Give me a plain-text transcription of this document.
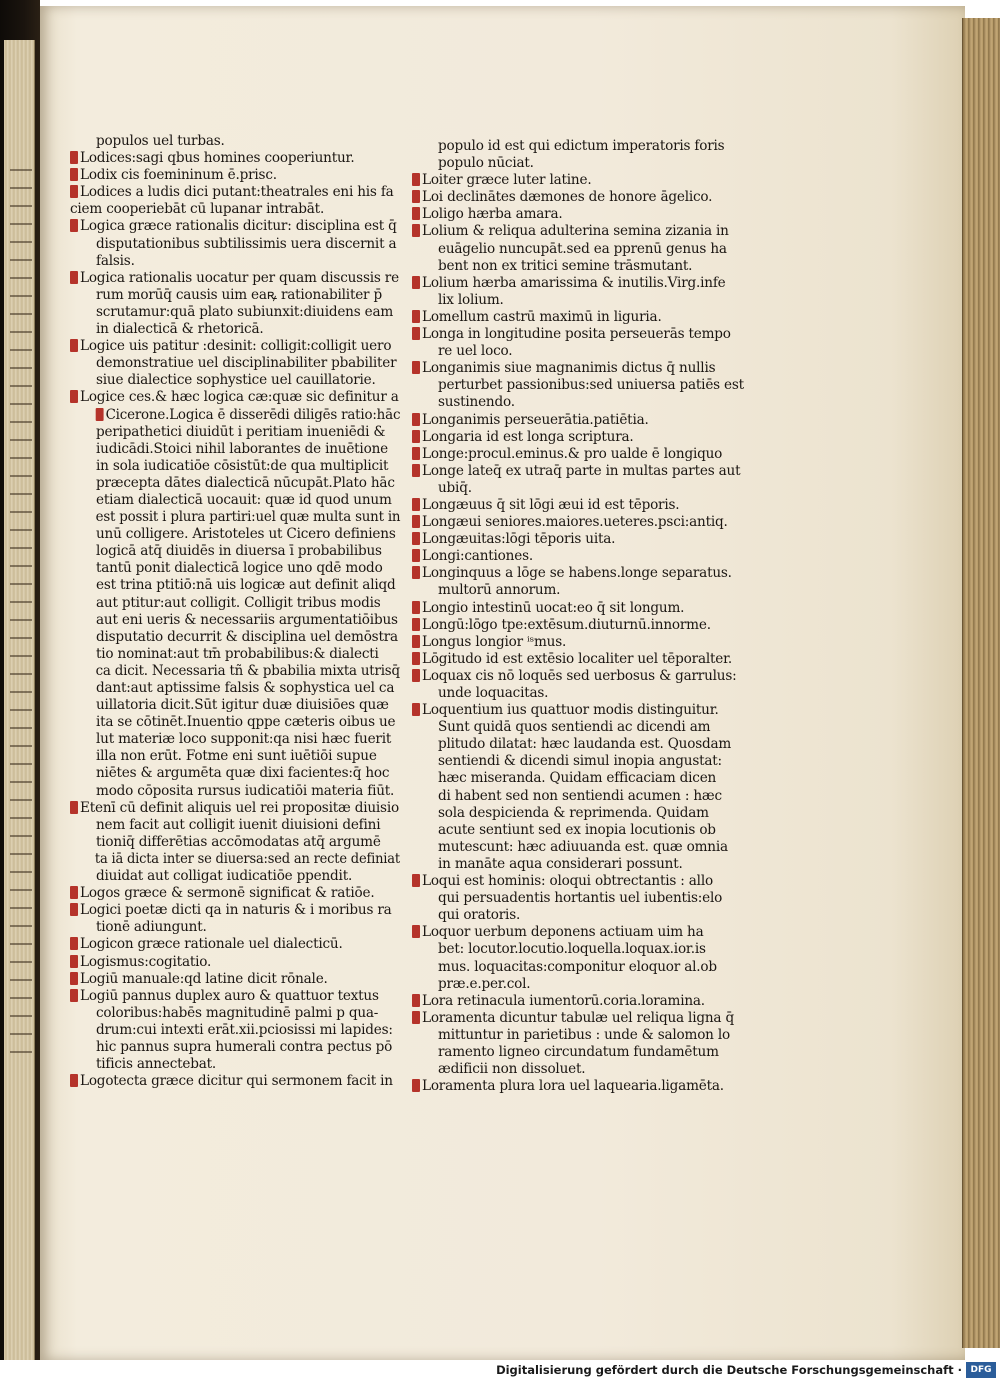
populos uel turbas.
Lodices:sagi qbus homines cooperiuntur.
Lodix cis foemininum ē.prisc.
Lodices a ludis dici putant:theatrales eni his fa
ciem cooperiebāt cū lupanar intrabāt.
Logica græce rationalis dicitur: disciplina est q̄
disputationibus subtilissimis uera discernit a
falsis.
Logica rationalis uocatur per quam discussis re
rum morūq̄ causis uim eaꝶ rationabiliter p̄
scrutamur:quā plato subiunxit:diuidens eam
in dialecticā & rhetoricā.
Logice uis patitur :desinit: colligit:colligit uero
demonstratiue uel disciplinabiliter pbabiliter
siue dialectice sophystice uel cauillatorie.
Logice ces.& hæc logica cæ:quæ sic definitur a
Cicerone.Logica ē disserēdi diligēs ratio:hāc
peripathetici diuidūt i peritiam inueniēdi &
iudicādi.Stoici nihil laborantes de inuētione
in sola iudicatiōe cōsistūt:de qua multiplicit
præcepta dātes dialecticā nūcupāt.Plato hāc
etiam dialecticā uocauit: quæ id quod unum
est possit i plura partiri:uel quæ multa sunt in
unū colligere. Aristoteles ut Cicero definiens
logicā atq̄ diuidēs in diuersa ī probabilibus
tantū ponit dialecticā logice uno qdē modo
est trina ptitiō:nā uis logicæ aut definit aliqd
aut ptitur:aut colligit. Colligit tribus modis
aut eni ueris & necessariis argumentatiōibus
disputatio decurrit & disciplina uel demōstra
tio nominat:aut tm̄ probabilibus:& dialecti
ca dicit. Necessaria tñ & pbabilia mixta utrisq̄
dant:aut aptissime falsis & sophystica uel ca
uillatoria dicit.Sūt igitur duæ diuisiōes quæ
ita se cōtinēt.Inuentio qppe cæteris oibus ue
lut materiæ loco supponit:qa nisi hæc fuerit
illa non erūt. Fotme eni sunt iuētiōi supue
niētes & argumēta quæ dixi facientes:q̄ hoc
modo cōposita rursus iudicatiōi materia fiūt.
Etenī cū definit aliquis uel rei propositæ diuisio
nem facit aut colligit iuenit diuisioni defini
tioniq̄ differētias accōmodatas atq̄ argumē
ta iā dicta inter se diuersa:sed an recte definiat
diuidat aut colligat iudicatiōe ppendit.
Logos græce & sermonē significat & ratiōe.
Logici poetæ dicti qa in naturis & i moribus ra
tionē adiungunt.
Logicon græce rationale uel dialecticū.
Logismus:cogitatio.
Logiū manuale:qd latine dicit rōnale.
Logiū pannus duplex auro & quattuor textus
coloribus:habēs magnitudinē palmi p qua-
drum:cui intexti erāt.xii.pciosissi mi lapides:
hic pannus supra humerali contra pectus pō
tificis annectebat.
Logotecta græce dicitur qui sermonem facit in
populo id est qui edictum imperatoris foris
populo nūciat.
Loiter græce luter latine.
Loi declinātes dæmones de honore āgelico.
Loligo hærba amara.
Lolium & reliqua adulterina semina zizania in
euāgelio nuncupāt.sed ea pprenū genus ha
bent non ex tritici semine trāsmutant.
Lolium hærba amarissima & inutilis.Virg.infe
lix lolium.
Lomellum castrū maximū in liguria.
Longa in longitudine posita perseuerās tempo
re uel loco.
Longanimis siue magnanimis dictus q̄ nullis
perturbet passionibus:sed uniuersa patiēs est
sustinendo.
Longanimis perseuerātia.patiētia.
Longaria id est longa scriptura.
Longe:procul.eminus.& pro ualde ē longiquo
Longe lateq̄ ex utraq̄ parte in multas partes aut
ubiq̄.
Longæuus q̄ sit lōgi æui id est tēporis.
Longæui seniores.maiores.ueteres.psci:antiq.
Longæuitas:lōgi tēporis uita.
Longi:cantiones.
Longinquus a lōge se habens.longe separatus.
multorū annorum.
Longio intestinū uocat:eo q̄ sit longum.
Longū:lōgo tpe:extēsum.diuturnū.innorme.
Longus longior ⁱˢmus.
Lōgitudo id est extēsio localiter uel tēporalter.
Loquax cis nō loquēs sed uerbosus & garrulus:
unde loquacitas.
Loquentium ius quattuor modis distinguitur.
Sunt quidā quos sentiendi ac dicendi am
plitudo dilatat: hæc laudanda est. Quosdam
sentiendi & dicendi simul inopia angustat:
hæc miseranda. Quidam efficaciam dicen
di habent sed non sentiendi acumen : hæc
sola despicienda & reprimenda. Quidam
acute sentiunt sed ex inopia locutionis ob
mutescunt: hæc adiuuanda est. quæ omnia
in manāte aqua considerari possunt.
Loqui est hominis: oloqui obtrectantis : allo
qui persuadentis hortantis uel iubentis:elo
qui oratoris.
Loquor uerbum deponens actiuam uim ha
bet: locutor.locutio.loquella.loquax.ior.is
mus. loquacitas:componitur eloquor al.ob
præ.e.per.col.
Lora retinacula iumentorū.coria.loramina.
Loramenta dicuntur tabulæ uel reliqua ligna q̄
mittuntur in parietibus : unde & salomon lo
ramento ligneo circundatum fundamētum
ædificii non dissoluet.
Loramenta plura lora uel laquearia.ligamēta.
Digitalisierung gefördert durch die Deutsche Forschungsgemeinschaft · DFG
